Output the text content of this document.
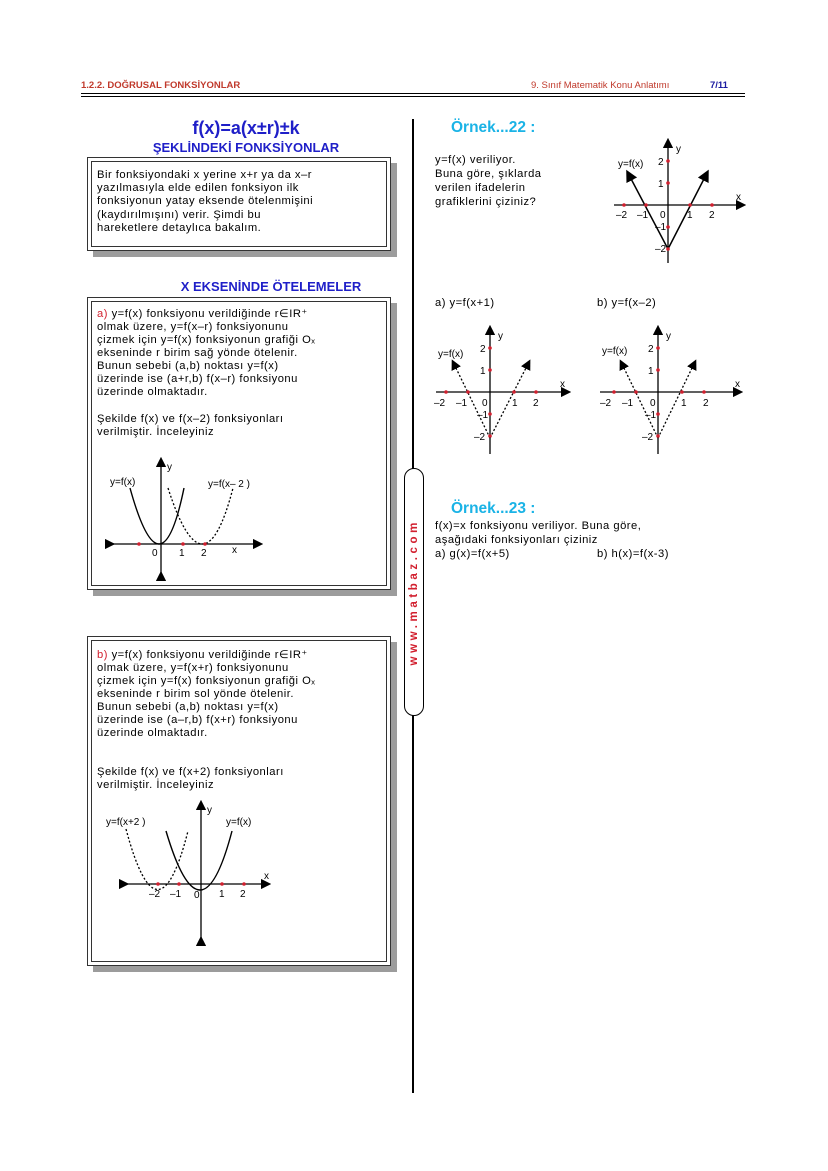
1.2.2. DOĞRUSAL FONKSİYONLAR	9. Sınıf Matematik Konu Anlatımı	7/11
www.matbaz.com
f(x)=a(x±r)±k
ŞEKLİNDEKİ FONKSİYONLAR
Bir fonksiyondaki x yerine x+r ya da x–r
yazılmasıyla elde edilen fonksiyon ilk
fonksiyonun yatay eksende ötelenmişini
(kaydırılmışını) verir. Şimdi bu
hareketlere detaylıca bakalım.
X EKSENİNDE ÖTELEMELER
a) y=f(x) fonksiyonu verildiğinde r∈IR⁺
olmak üzere, y=f(x–r) fonksiyonunu
çizmek için y=f(x) fonksiyonun grafiği Oₓ
ekseninde r birim sağ yönde ötelenir.
Bunun sebebi (a,b) noktası y=f(x)
üzerinde ise (a+r,b) f(x–r) fonksiyonu
üzerinde olmaktadır.
Şekilde f(x) ve f(x–2) fonksiyonları
verilmiştir. İnceleyiniz
y=f(x)	y=f(x– 2 )
y
x
0 1 2
b) y=f(x) fonksiyonu verildiğinde r∈IR⁺
olmak üzere, y=f(x+r) fonksiyonunu
çizmek için y=f(x) fonksiyonun grafiği Oₓ
ekseninde r birim sol yönde ötelenir.
Bunun sebebi (a,b) noktası y=f(x)
üzerinde ise (a–r,b) f(x+r) fonksiyonu
üzerinde olmaktadır.
Şekilde f(x) ve f(x+2) fonksiyonları
verilmiştir. İnceleyiniz
y=f(x+2 )	y=f(x)
y
x
–2 –1 0 1 2
Örnek...22 :
y=f(x) veriliyor.
Buna göre, şıklarda
verilen ifadelerin
grafiklerini çiziniz?
y=f(x)
y
x
–2 –1 0 1 2
2
1
–1
–2
a) y=f(x+1)	b) y=f(x–2)
y=f(x)
y
x
–2 –1 0 1 2
2
1
–1
–2
y=f(x)
y
x
–2 –1 0	1 2
2
1
–1
–2
Örnek...23 :
f(x)=x fonksiyonu veriliyor. Buna göre,
aşağıdaki fonksiyonları çiziniz
a) g(x)=f(x+5)	b) h(x)=f(x-3)
